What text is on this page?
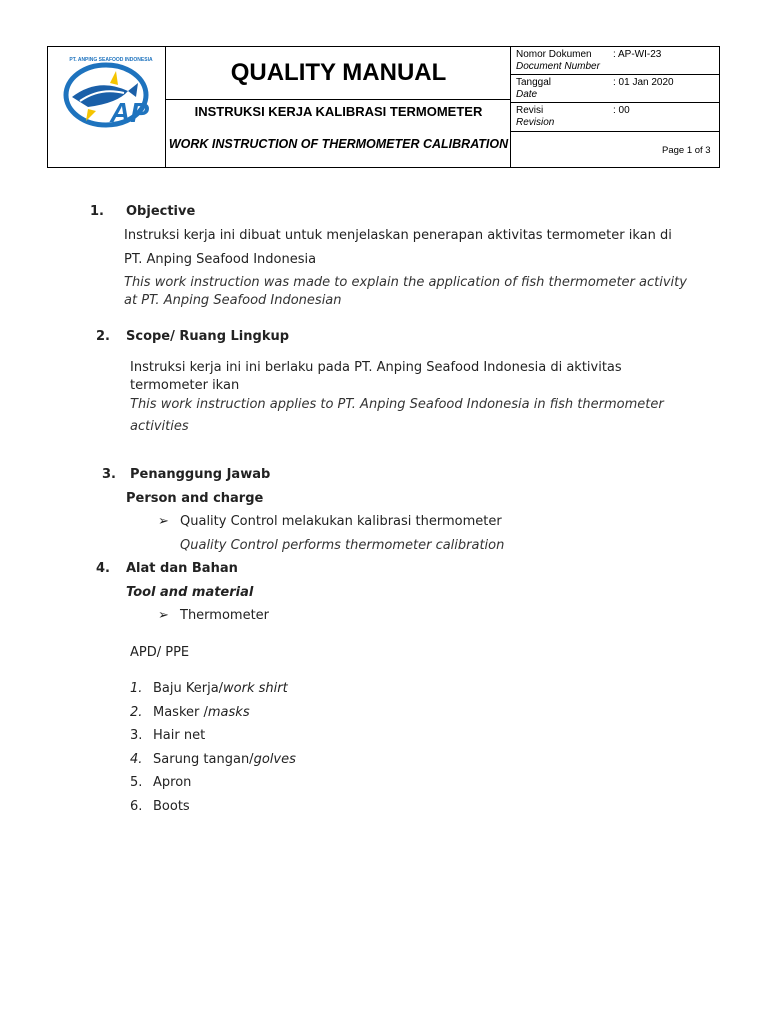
PT. ANPING SEAFOOD INDONESIA
AP
QUALITY MANUAL
INSTRUKSI KERJA KALIBRASI TERMOMETER
WORK INSTRUCTION OF THERMOMETER CALIBRATION
Nomor Dokumen
Document Number
: AP-WI-23
Tanggal
Date
: 01 Jan 2020
Revisi
Revision
: 00
Page 1 of 3
1. Objective
Instruksi kerja ini dibuat untuk menjelaskan penerapan aktivitas termometer ikan di
PT. Anping Seafood Indonesia
This work instruction was made to explain the application of fish thermometer activity
at PT. Anping Seafood Indonesian
2. Scope/ Ruang Lingkup
Instruksi kerja ini ini berlaku pada PT. Anping Seafood Indonesia di aktivitas
termometer ikan
This work instruction applies to PT. Anping Seafood Indonesia in fish thermometer
activities
3. Penanggung Jawab
Person and charge
➢ Quality Control melakukan kalibrasi thermometer
Quality Control performs thermometer calibration
4. Alat dan Bahan
Tool and material
➢ Thermometer
APD/ PPE
1. Baju Kerja/work shirt
2. Masker /masks
3. Hair net
4. Sarung tangan/golves
5. Apron
6. Boots
